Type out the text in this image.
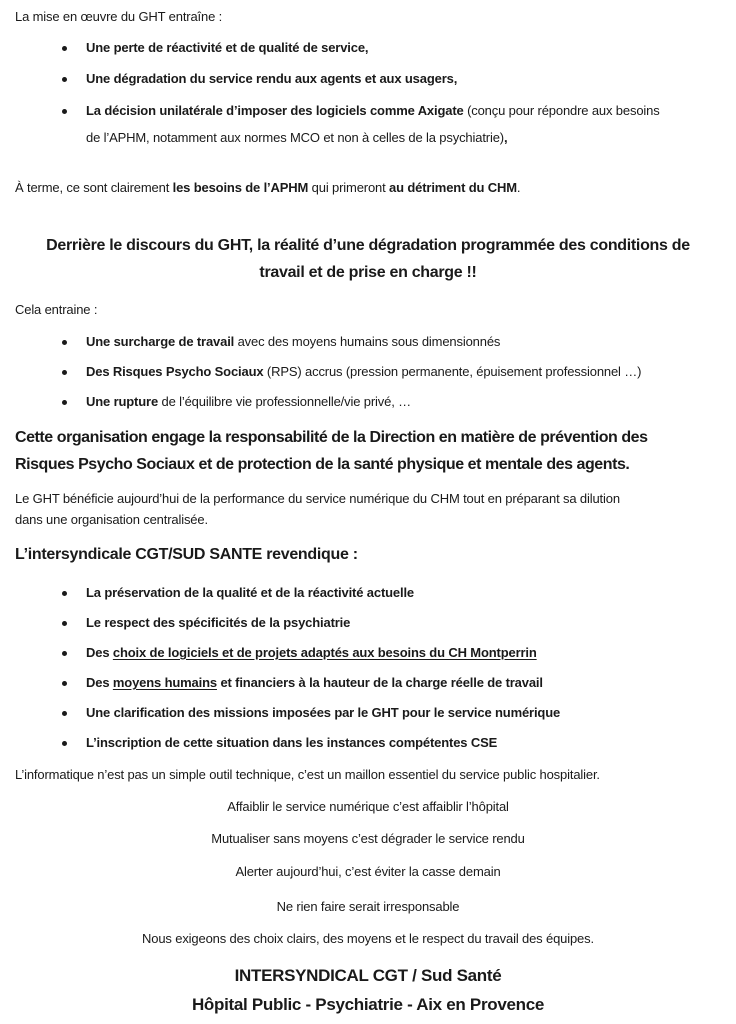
La mise en œuvre du GHT entraîne :
Une perte de réactivité et de qualité de service,
Une dégradation du service rendu aux agents et aux usagers,
La décision unilatérale d’imposer des logiciels comme Axigate (conçu pour répondre aux besoins
de l’APHM, notamment aux normes MCO et non à celles de la psychiatrie),
À terme, ce sont clairement les besoins de l’APHM qui primeront au détriment du CHM.
Derrière le discours du GHT, la réalité d’une dégradation programmée des conditions de
travail et de prise en charge !!
Cela entraine :
Une surcharge de travail avec des moyens humains sous dimensionnés
Des Risques Psycho Sociaux (RPS) accrus (pression permanente, épuisement professionnel …)
Une rupture de l’équilibre vie professionnelle/vie privé, …
Cette organisation engage la responsabilité de la Direction en matière de prévention des
Risques Psycho Sociaux et de protection de la santé physique et mentale des agents.
Le GHT bénéficie aujourd’hui de la performance du service numérique du CHM tout en préparant sa dilution
dans une organisation centralisée.
L’intersyndicale CGT/SUD SANTE revendique :
La préservation de la qualité et de la réactivité actuelle
Le respect des spécificités de la psychiatrie
Des choix de logiciels et de projets adaptés aux besoins du CH Montperrin
Des moyens humains et financiers à la hauteur de la charge réelle de travail
Une clarification des missions imposées par le GHT pour le service numérique
L’inscription de cette situation dans les instances compétentes CSE
L’informatique n’est pas un simple outil technique, c’est un maillon essentiel du service public hospitalier.
Affaiblir le service numérique c’est affaiblir l’hôpital
Mutualiser sans moyens c’est dégrader le service rendu
Alerter aujourd’hui, c’est éviter la casse demain
Ne rien faire serait irresponsable
Nous exigeons des choix clairs, des moyens et le respect du travail des équipes.
INTERSYNDICAL CGT / Sud Santé
Hôpital Public - Psychiatrie - Aix en Provence
